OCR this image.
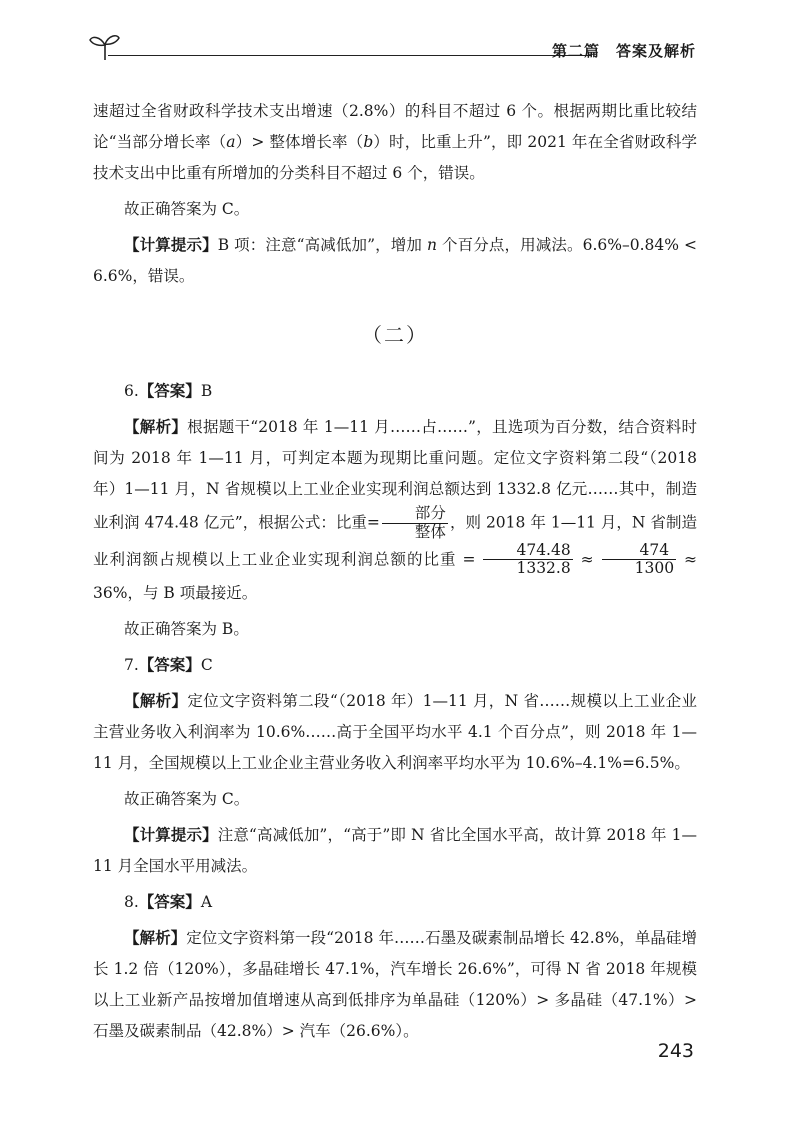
第二篇　答案及解析

速超过全省财政科学技术支出增速（2.8%）的科目不超过 6 个。根据两期比重比较结论“当部分增长率（a）> 整体增长率（b）时，比重上升”，即 2021 年在全省财政科学技术支出中比重有所增加的分类科目不超过 6 个，错误。

故正确答案为 C。

【计算提示】B 项：注意“高减低加”，增加 n 个百分点，用减法。6.6%–0.84% < 6.6%，错误。

（二）

6.【答案】B

【解析】根据题干“2018 年 1—11 月……占……”，且选项为百分数，结合资料时间为 2018 年 1—11 月，可判定本题为现期比重问题。定位文字资料第二段“（2018 年）1—11 月，N 省规模以上工业企业实现利润总额达到 1332.8 亿元……其中，制造业利润 474.48 亿元”，根据公式：比重= $\frac{\text{部分}}{\text{整体}}$ ，则 2018 年 1—11 月，N 省制造业利润额占规模以上工业企业实现利润总额的比重 = $\frac{474.48}{1332.8} \approx \frac{474}{1300} \approx 36\%$，与 B 项最接近。

故正确答案为 B。

7.【答案】C

【解析】定位文字资料第二段“（2018 年）1—11 月，N 省……规模以上工业企业主营业务收入利润率为 10.6%……高于全国平均水平 4.1 个百分点”，则 2018 年 1—11 月，全国规模以上工业企业主营业务收入利润率平均水平为 10.6%–4.1%=6.5%。

故正确答案为 C。

【计算提示】注意“高减低加”，“高于”即 N 省比全国水平高，故计算 2018 年 1—11 月全国水平用减法。

8.【答案】A

【解析】定位文字资料第一段“2018 年……石墨及碳素制品增长 42.8%，单晶硅增长 1.2 倍（120%），多晶硅增长 47.1%，汽车增长 26.6%”，可得 N 省 2018 年规模以上工业新产品按增加值增速从高到低排序为单晶硅（120%）> 多晶硅（47.1%）> 石墨及碳素制品（42.8%）> 汽车（26.6%）。

243
